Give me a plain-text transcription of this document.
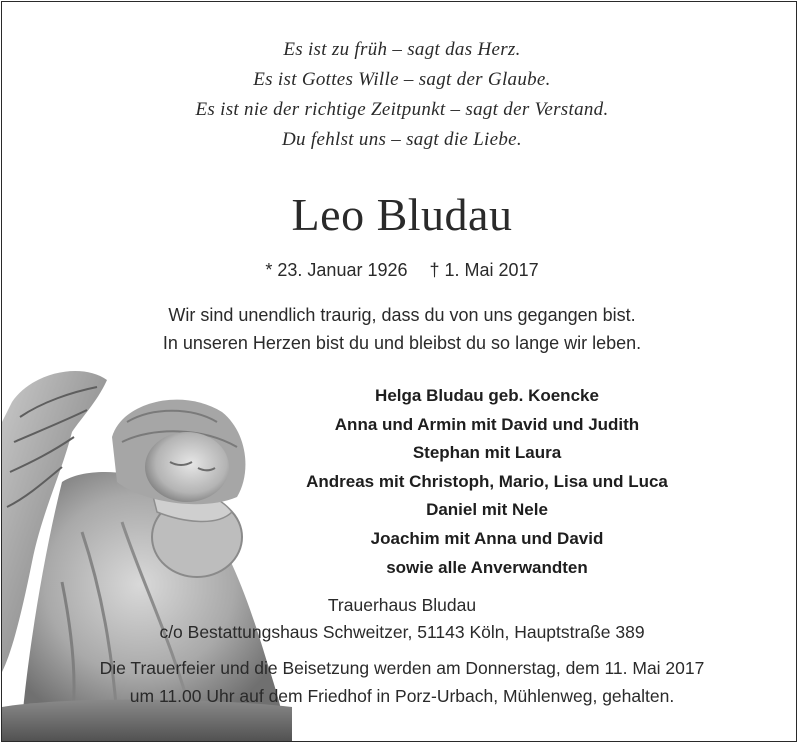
Es ist zu früh – sagt das Herz.
Es ist Gottes Wille – sagt der Glaube.
Es ist nie der richtige Zeitpunkt – sagt der Verstand.
Du fehlst uns – sagt die Liebe.
Leo Bludau
* 23. Januar 1926 † 1. Mai 2017
Wir sind unendlich traurig, dass du von uns gegangen bist.
In unseren Herzen bist du und bleibst du so lange wir leben.
Helga Bludau geb. Koencke
Anna und Armin mit David und Judith
Stephan mit Laura
Andreas mit Christoph, Mario, Lisa und Luca
Daniel mit Nele
Joachim mit Anna und David
sowie alle Anverwandten
Trauerhaus Bludau
c/o Bestattungshaus Schweitzer, 51143 Köln, Hauptstraße 389
Die Trauerfeier und die Beisetzung werden am Donnerstag, dem 11. Mai 2017
um 11.00 Uhr auf dem Friedhof in Porz-Urbach, Mühlenweg, gehalten.
